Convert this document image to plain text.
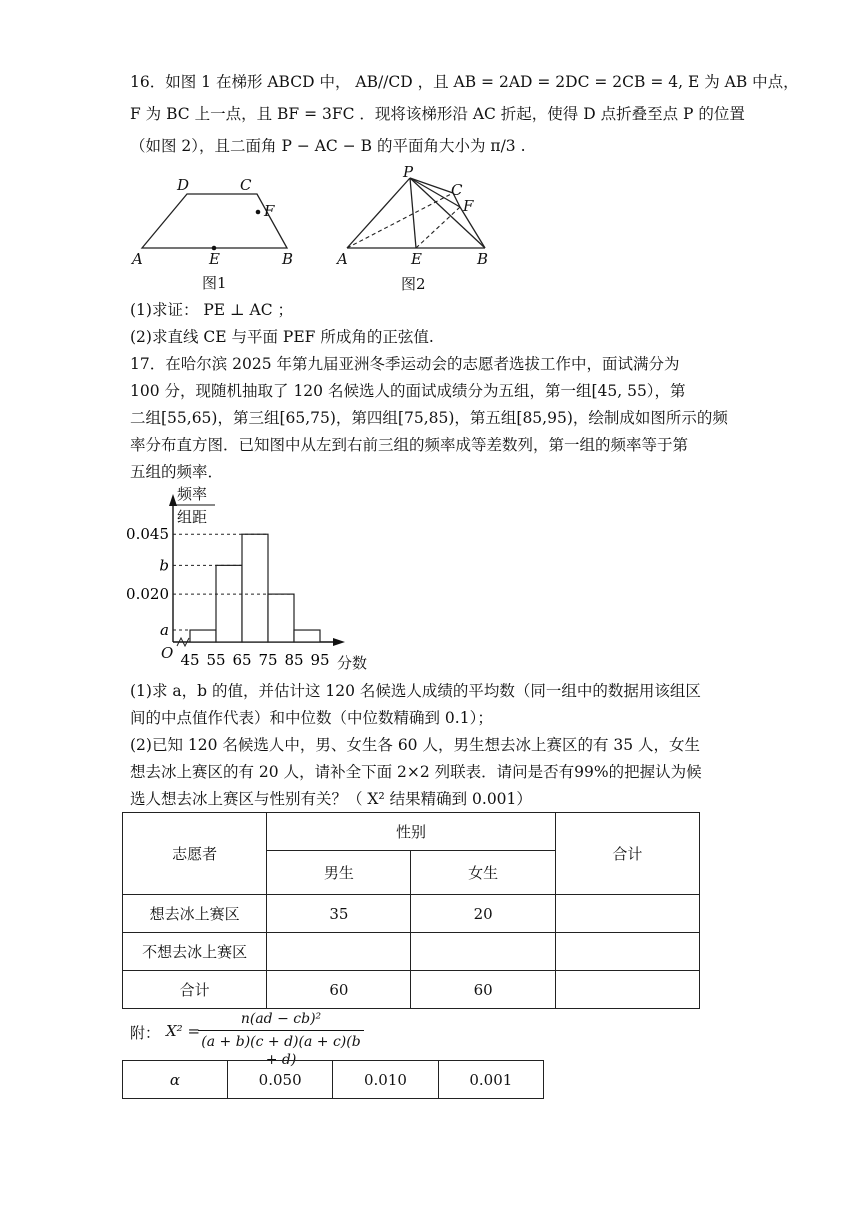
16．如图 1 在梯形 ABCD 中， AB//CD ，且 AB = 2AD = 2DC = 2CB = 4, E 为 AB 中点，
F 为 BC 上一点，且 BF = 3FC ．现将该梯形沿 AC 折起，使得 D 点折叠至点 P 的位置
（如图 2），且二面角 P − AC − B 的平面角大小为 π/3 .
A	B
C
D
E
F
图1
P
A	B
C
E
F
图2
(1)求证： PE ⊥ AC ；
(2)求直线 CE 与平面 PEF 所成角的正弦值.
17．在哈尔滨 2025 年第九届亚洲冬季运动会的志愿者选拔工作中，面试满分为
100 分，现随机抽取了 120 名候选人的面试成绩分为五组，第一组[45, 55），第
二组[55,65)，第三组[65,75)，第四组[75,85)，第五组[85,95)，绘制成如图所示的频
率分布直方图．已知图中从左到右前三组的频率成等差数列，第一组的频率等于第
五组的频率．
频率
组距
O
分数
0.045
b
0.020
a
45 55 65 75 85 95
(1)求 a，b 的值，并估计这 120 名候选人成绩的平均数（同一组中的数据用该组区
间的中点值作代表）和中位数（中位数精确到 0.1）；
(2)已知 120 名候选人中，男、女生各 60 人，男生想去冰上赛区的有 35 人，女生
想去冰上赛区的有 20 人，请补全下面 2×2 列联表．请问是否有99%的把握认为候
选人想去冰上赛区与性别有关？（ X² 结果精确到 0.001）
志愿者	性别		合计
	男生	女生	
想去冰上赛区	35	20	
不想去冰上赛区			
合计	60	60	
附： X² =
n(ad − cb)²
(a + b)(c + d)(a + c)(b + d)
α	0.050	0.010	0.001
